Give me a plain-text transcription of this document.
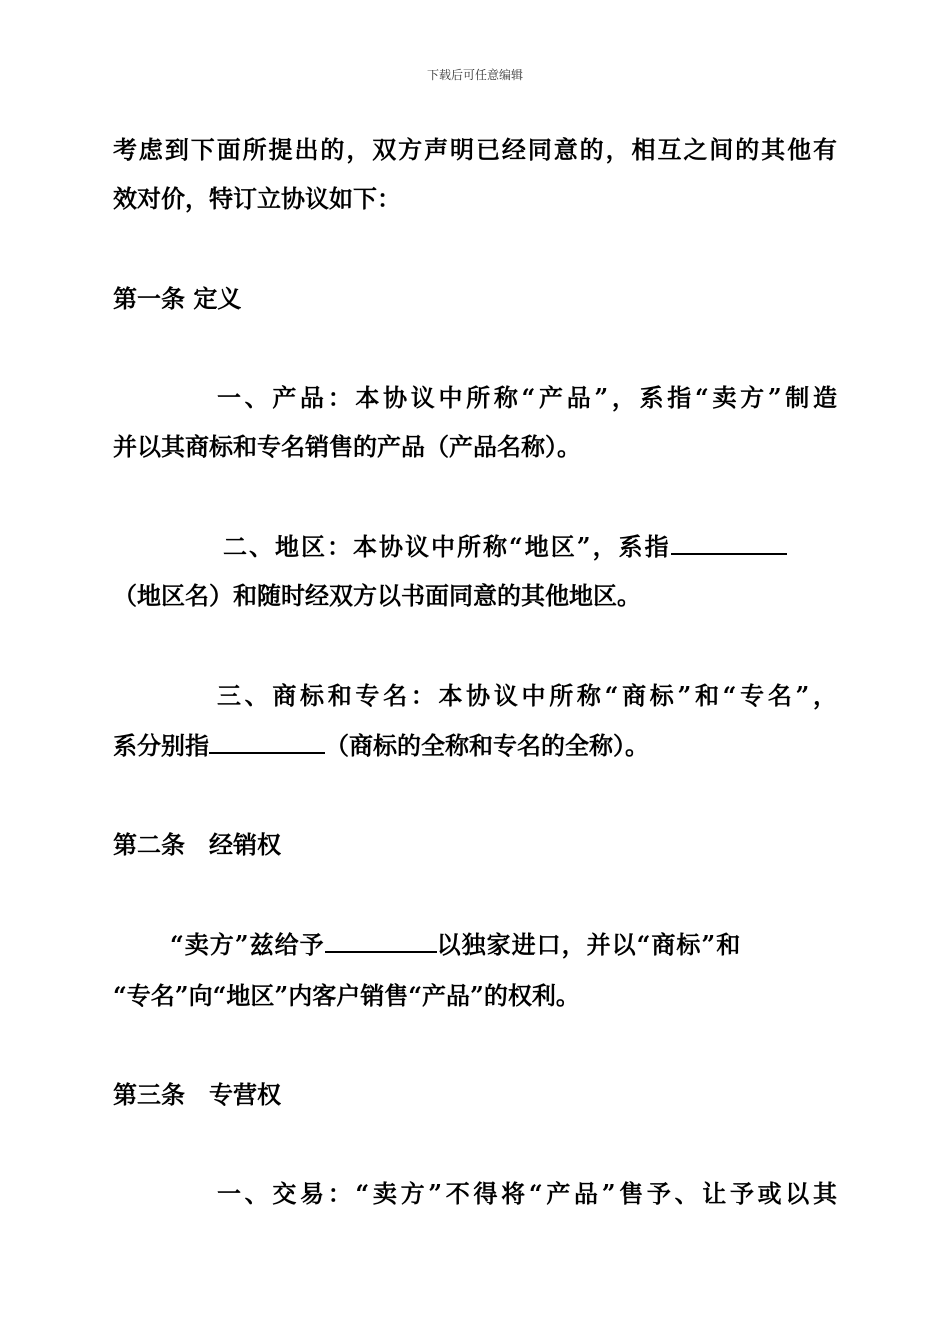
下载后可任意编辑
考虑到下面所提出的，双方声明已经同意的，相互之间的其他有
效对价，特订立协议如下：
第一条 定义
一、产品：本协议中所称“产品”，系指“卖方”制造
并以其商标和专名销售的产品（产品名称）。
二、地区：本协议中所称“地区”，系指
（地区名）和随时经双方以书面同意的其他地区。
三、商标和专名：本协议中所称“商标”和“专名”，
系分别指	（商标的全称和专名的全称）。
第二条　经销权
“卖方”兹给予	以独家进口，并以“商标”和
“专名”向“地区”内客户销售“产品”的权利。
第三条　专营权
一、交易：“卖方”不得将“产品”售予、让予或以其
